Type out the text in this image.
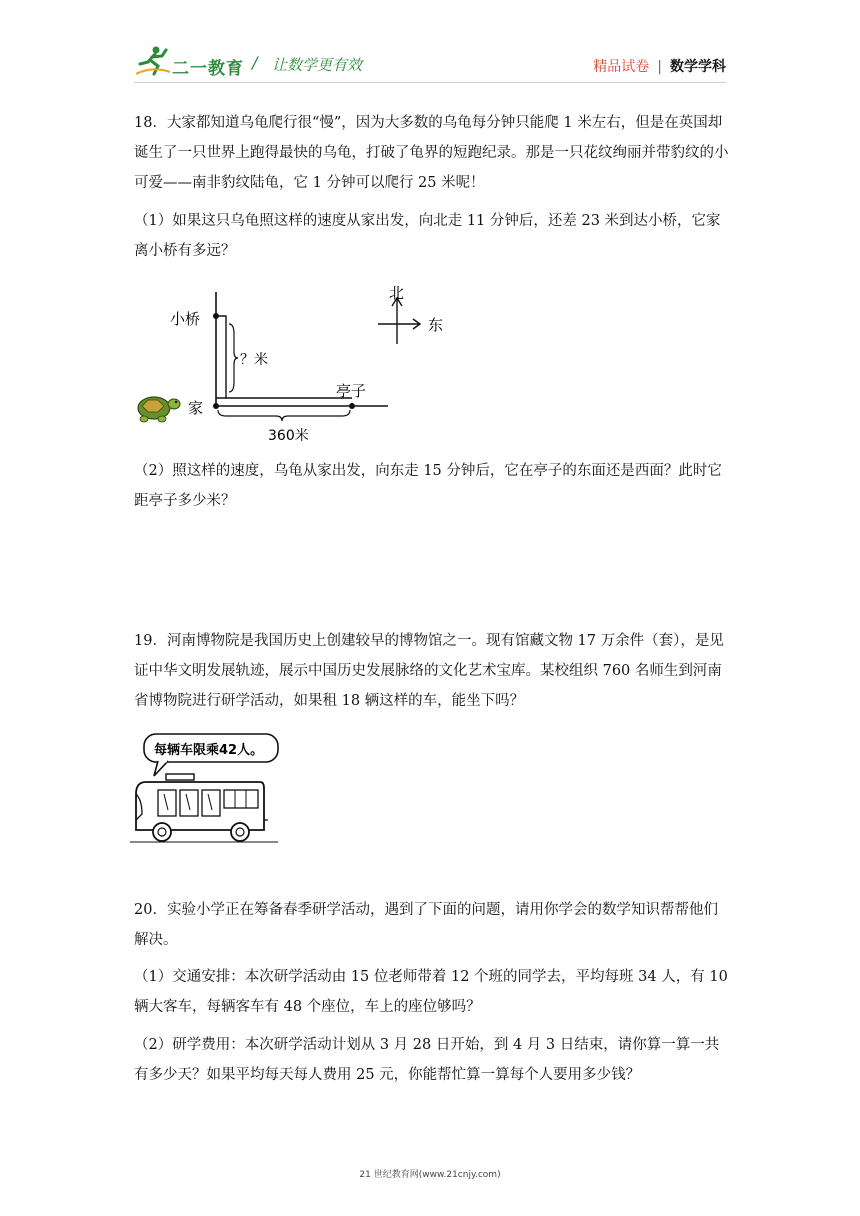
二一教育 / 让数学更有效	精品试卷 | 数学学科

18．大家都知道乌龟爬行很“慢”，因为大多数的乌龟每分钟只能爬 1 米左右，但是在英国却诞生了一只世界上跑得最快的乌龟，打破了龟界的短跑纪录。那是一只花纹绚丽并带豹纹的小可爱——南非豹纹陆龟，它 1 分钟可以爬行 25 米呢！

（1）如果这只乌龟照这样的速度从家出发，向北走 11 分钟后，还差 23 米到达小桥，它家离小桥有多远？

北
东
？米
360米
小桥
家
亭子

（2）照这样的速度，乌龟从家出发，向东走 15 分钟后，它在亭子的东面还是西面？此时它距亭子多少米？

19．河南博物院是我国历史上创建较早的博物馆之一。现有馆藏文物 17 万余件（套），是见证中华文明发展轨迹，展示中国历史发展脉络的文化艺术宝库。某校组织 760 名师生到河南省博物院进行研学活动，如果租 18 辆这样的车，能坐下吗？

每辆车限乘42人。

20．实验小学正在筹备春季研学活动，遇到了下面的问题，请用你学会的数学知识帮帮他们解决。

（1）交通安排：本次研学活动由 15 位老师带着 12 个班的同学去，平均每班 34 人，有 10 辆大客车，每辆客车有 48 个座位，车上的座位够吗？

（2）研学费用：本次研学活动计划从 3 月 28 日开始，到 4 月 3 日结束，请你算一算一共有多少天？如果平均每天每人费用 25 元，你能帮忙算一算每个人要用多少钱？

21 世纪教育网(www.21cnjy.com)
